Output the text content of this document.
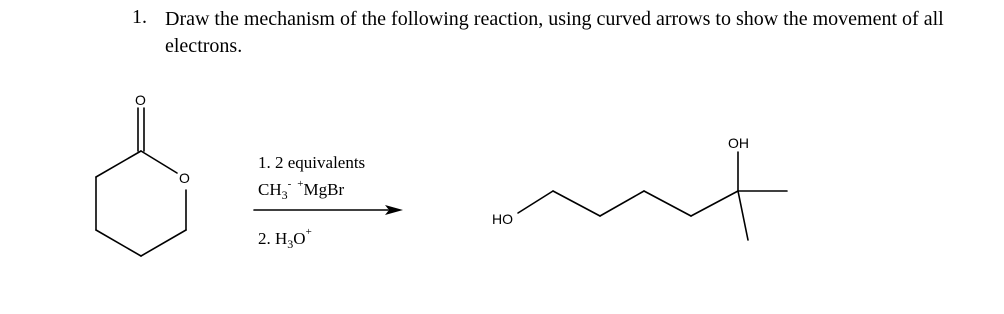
1. Draw the mechanism of the following reaction, using curved arrows to show the movement of all electrons.
O
O
1. 2 equivalents
$CH_3^-$ +MgBr
2. $H_3O^+$
HO
OH
